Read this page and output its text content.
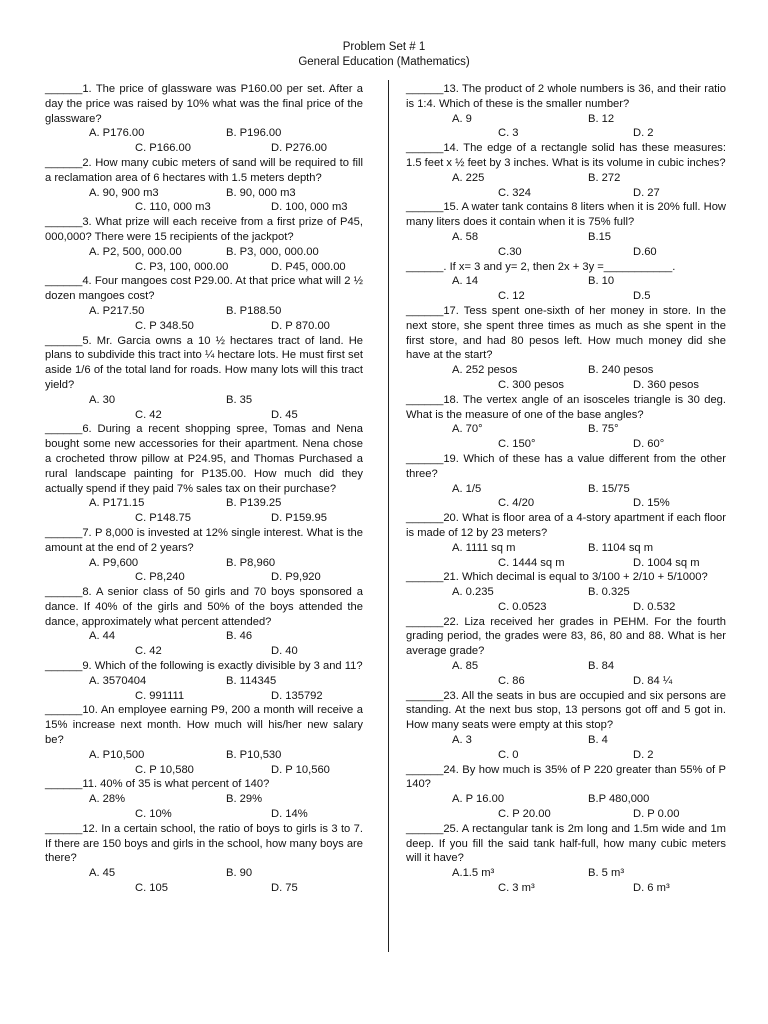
Problem Set # 1
General Education (Mathematics)
______1. The price of glassware was P160.00 per set. After a day the price was raised by 10% what was the final price of the glassware?
A. P176.00	B. P196.00
C. P166.00	D. P276.00
______2. How many cubic meters of sand will be required to fill a reclamation area of 6 hectares with 1.5 meters depth?
A. 90, 900 m3	B. 90, 000 m3
C. 110, 000 m3	D. 100, 000 m3
______3. What prize will each receive from a first prize of P45, 000,000? There were 15 recipients of the jackpot?
A. P2, 500, 000.00	B. P3, 000, 000.00
C. P3, 100, 000.00	D. P45, 000.00
______4. Four mangoes cost P29.00. At that price what will 2 ½ dozen mangoes cost?
A. P217.50	B. P188.50
C. P 348.50	D. P 870.00
______5. Mr. Garcia owns a 10 ½ hectares tract of land. He plans to subdivide this tract into ¼ hectare lots. He must first set aside 1/6 of the total land for roads. How many lots will this tract yield?
A. 30	B. 35
C. 42	D. 45
______6. During a recent shopping spree, Tomas and Nena bought some new accessories for their apartment. Nena chose a crocheted throw pillow at P24.95, and Thomas Purchased a rural landscape painting for P135.00. How much did they actually spend if they paid 7% sales tax on their purchase?
A. P171.15	B. P139.25
C. P148.75	D. P159.95
______7. P 8,000 is invested at 12% single interest. What is the amount at the end of 2 years?
A. P9,600	B. P8,960
C. P8,240	D. P9,920
______8. A senior class of 50 girls and 70 boys sponsored a dance. If 40% of the girls and 50% of the boys attended the dance, approximately what percent attended?
A. 44	B. 46
C. 42	D. 40
______9. Which of the following is exactly divisible by 3 and 11?
A. 3570404	B. 114345
C. 991111	D. 135792
______10. An employee earning P9, 200 a month will receive a 15% increase next month. How much will his/her new salary be?
A. P10,500	B. P10,530
C. P 10,580	D. P 10,560
______11. 40% of 35 is what percent of 140?
A. 28%	B. 29%
C. 10%	D. 14%
______12. In a certain school, the ratio of boys to girls is 3 to 7. If there are 150 boys and girls in the school, how many boys are there?
A. 45	B. 90
C. 105	D. 75
______13. The product of 2 whole numbers is 36, and their ratio is 1:4. Which of these is the smaller number?
A. 9	B. 12
C. 3	D. 2
______14. The edge of a rectangle solid has these measures: 1.5 feet x ½ feet by 3 inches. What is its volume in cubic inches?
A. 225	B. 272
C. 324	D. 27
______15. A water tank contains 8 liters when it is 20% full. How many liters does it contain when it is 75% full?
A. 58	B.15
C.30	D.60
______. If x= 3 and y= 2, then 2x + 3y =___________.
A. 14	B. 10
C. 12	D.5
______17. Tess spent one-sixth of her money in store. In the next store, she spent three times as much as she spent in the first store, and had 80 pesos left. How much money did she have at the start?
A. 252 pesos	B. 240 pesos
C. 300 pesos	D. 360 pesos
______18. The vertex angle of an isosceles triangle is 30 deg. What is the measure of one of the base angles?
A. 70°	B. 75°
C. 150°	D. 60°
______19. Which of these has a value different from the other three?
A. 1/5	B. 15/75
C. 4/20	D. 15%
______20. What is floor area of a 4-story apartment if each floor is made of 12 by 23 meters?
A. 1111 sq m	B. 1104 sq m
C. 1444 sq m	D. 1004 sq m
______21. Which decimal is equal to 3/100 + 2/10 + 5/1000?
A. 0.235	B. 0.325
C. 0.0523	D. 0.532
______22. Liza received her grades in PEHM. For the fourth grading period, the grades were 83, 86, 80 and 88. What is her average grade?
A. 85	B. 84
C. 86	D. 84 ¼
______23. All the seats in bus are occupied and six persons are standing. At the next bus stop, 13 persons got off and 5 got in. How many seats were empty at this stop?
A. 3	B. 4
C. 0	D. 2
______24. By how much is 35% of P 220 greater than 55% of P 140?
A. P 16.00	B.P 480,000
C. P 20.00	D. P 0.00
______25. A rectangular tank is 2m long and 1.5m wide and 1m deep. If you fill the said tank half-full, how many cubic meters will it have?
A.1.5 m³	B. 5 m³
C. 3 m³	D. 6 m³
